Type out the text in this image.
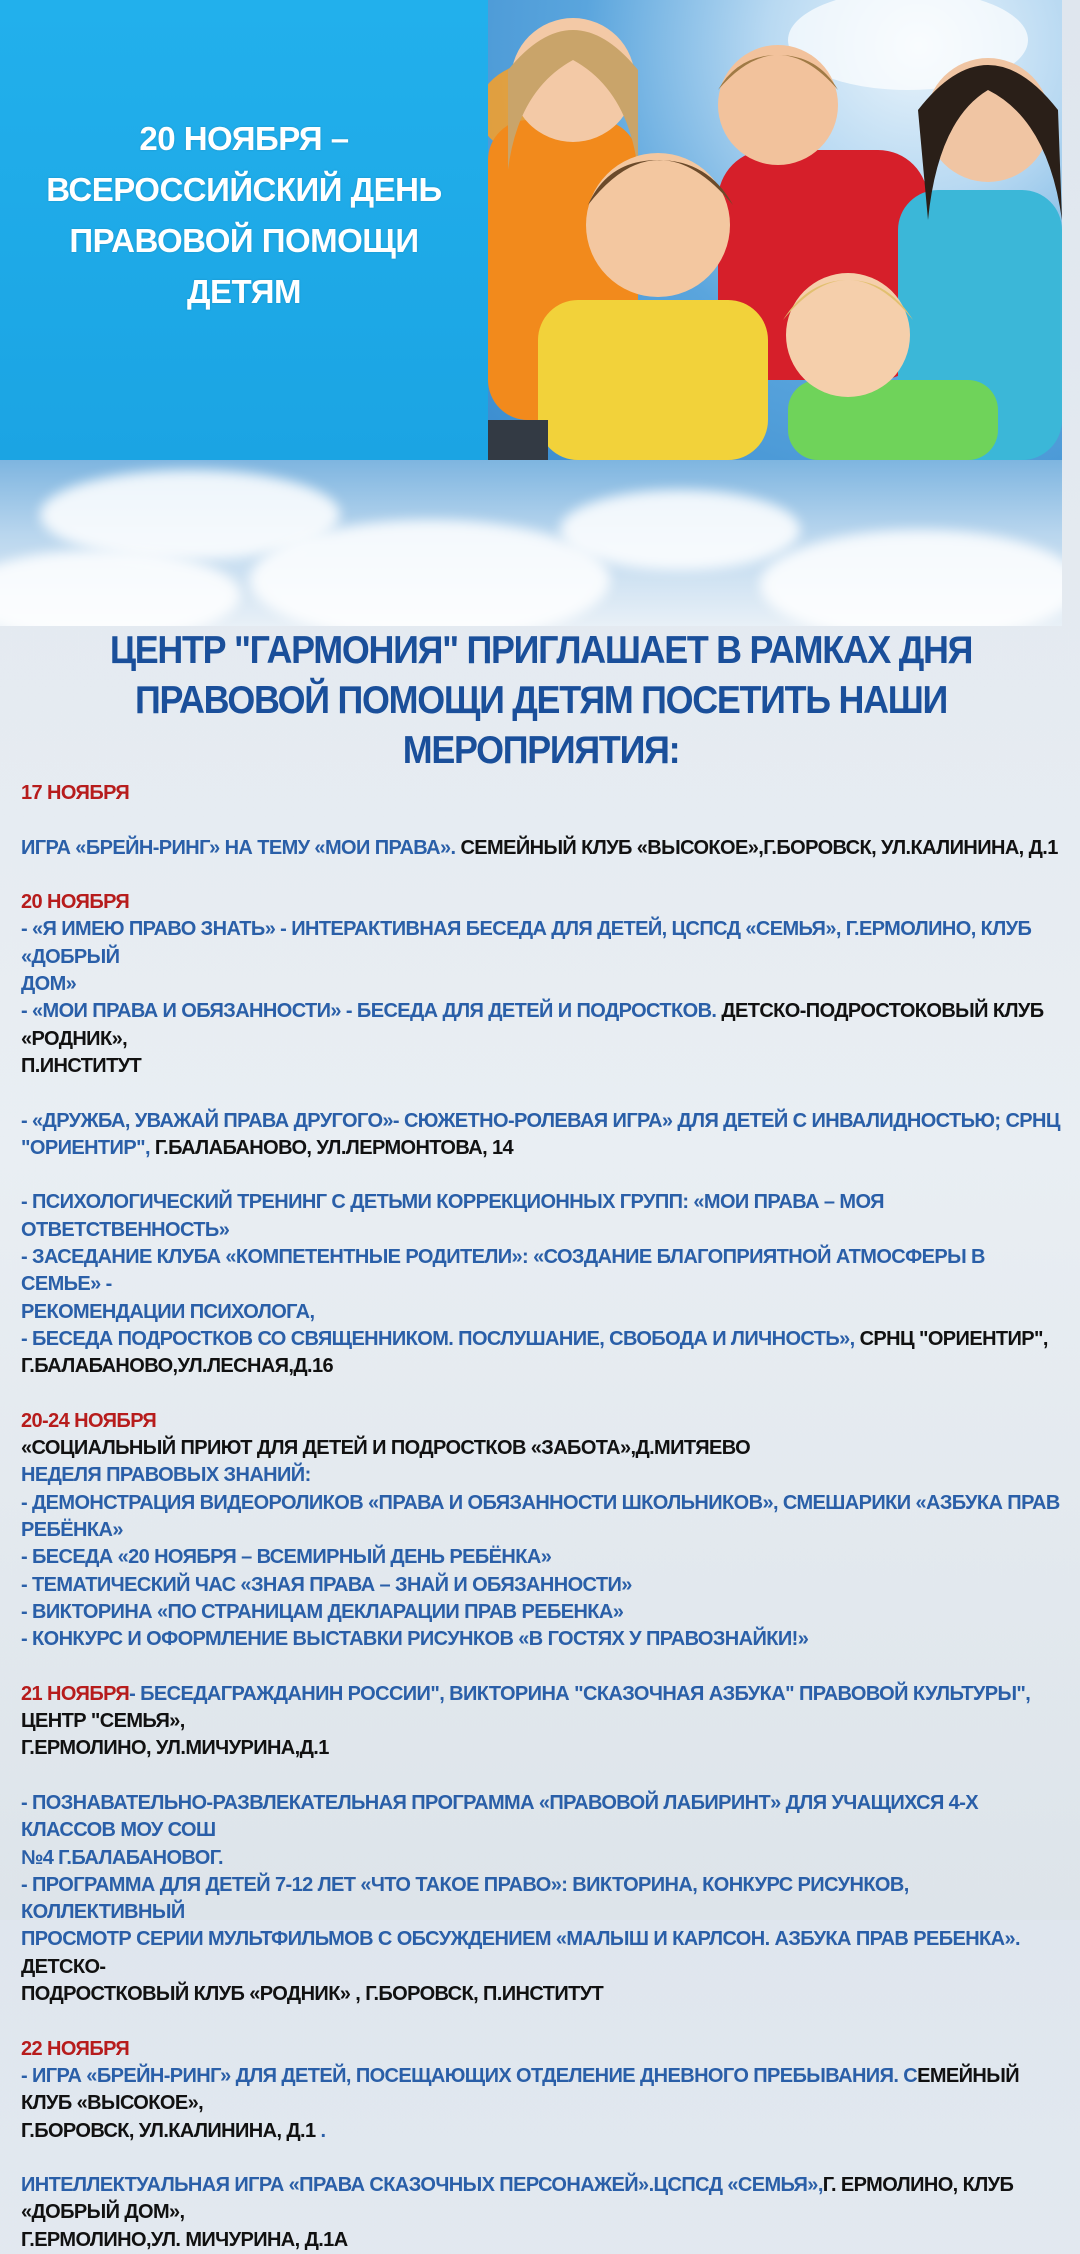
20 НОЯБРЯ –
ВСЕРОССИЙСКИЙ ДЕНЬ
ПРАВОВОЙ ПОМОЩИ
ДЕТЯМ
ЦЕНТР "ГАРМОНИЯ" ПРИГЛАШАЕТ В РАМКАХ ДНЯ ПРАВОВОЙ ПОМОЩИ ДЕТЯМ ПОСЕТИТЬ НАШИ МЕРОПРИЯТИЯ:
17 НОЯБРЯ
ИГРА «БРЕЙН-РИНГ» НА ТЕМУ «МОИ ПРАВА». СЕМЕЙНЫЙ КЛУБ «ВЫСОКОЕ»,Г.БОРОВСК, УЛ.КАЛИНИНА, Д.1
20 НОЯБРЯ
- «Я ИМЕЮ ПРАВО ЗНАТЬ» - ИНТЕРАКТИВНАЯ БЕСЕДА ДЛЯ ДЕТЕЙ, ЦСПСД «СЕМЬЯ», Г.ЕРМОЛИНО, КЛУБ «ДОБРЫЙ
ДОМ»
- «МОИ ПРАВА И ОБЯЗАННОСТИ» - БЕСЕДА ДЛЯ ДЕТЕЙ И ПОДРОСТКОВ. ДЕТСКО-ПОДРОСТОКОВЫЙ КЛУБ «РОДНИК»,
П.ИНСТИТУТ
- «ДРУЖБА, УВАЖАЙ ПРАВА ДРУГОГО»- СЮЖЕТНО-РОЛЕВАЯ ИГРА» ДЛЯ ДЕТЕЙ С ИНВАЛИДНОСТЬЮ; СРНЦ
"ОРИЕНТИР", Г.БАЛАБАНОВО, УЛ.ЛЕРМОНТОВА, 14
- ПСИХОЛОГИЧЕСКИЙ ТРЕНИНГ С ДЕТЬМИ КОРРЕКЦИОННЫХ ГРУПП: «МОИ ПРАВА – МОЯ ОТВЕТСТВЕННОСТЬ»
- ЗАСЕДАНИЕ КЛУБА «КОМПЕТЕНТНЫЕ РОДИТЕЛИ»: «СОЗДАНИЕ БЛАГОПРИЯТНОЙ АТМОСФЕРЫ В СЕМЬЕ» -
РЕКОМЕНДАЦИИ ПСИХОЛОГА,
- БЕСЕДА ПОДРОСТКОВ СО СВЯЩЕННИКОМ. ПОСЛУШАНИЕ, СВОБОДА И ЛИЧНОСТЬ», СРНЦ "ОРИЕНТИР",
Г.БАЛАБАНОВО,УЛ.ЛЕСНАЯ,Д.16
20-24 НОЯБРЯ
«СОЦИАЛЬНЫЙ ПРИЮТ ДЛЯ ДЕТЕЙ И ПОДРОСТКОВ «ЗАБОТА»,Д.МИТЯЕВО
НЕДЕЛЯ ПРАВОВЫХ ЗНАНИЙ:
- ДЕМОНСТРАЦИЯ ВИДЕОРОЛИКОВ «ПРАВА И ОБЯЗАННОСТИ ШКОЛЬНИКОВ», СМЕШАРИКИ «АЗБУКА ПРАВ РЕБЁНКА»
- БЕСЕДА «20 НОЯБРЯ – ВСЕМИРНЫЙ ДЕНЬ РЕБЁНКА»
- ТЕМАТИЧЕСКИЙ ЧАС «ЗНАЯ ПРАВА – ЗНАЙ И ОБЯЗАННОСТИ»
- ВИКТОРИНА «ПО СТРАНИЦАМ ДЕКЛАРАЦИИ ПРАВ РЕБЕНКА»
- КОНКУРС И ОФОРМЛЕНИЕ ВЫСТАВКИ РИСУНКОВ «В ГОСТЯХ У ПРАВОЗНАЙКИ!»
21 НОЯБРЯ- БЕСЕДАГРАЖДАНИН РОССИИ", ВИКТОРИНА "СКАЗОЧНАЯ АЗБУКА" ПРАВОВОЙ КУЛЬТУРЫ", ЦЕНТР "СЕМЬЯ»,
Г.ЕРМОЛИНО, УЛ.МИЧУРИНА,Д.1
- ПОЗНАВАТЕЛЬНО-РАЗВЛЕКАТЕЛЬНАЯ ПРОГРАММА «ПРАВОВОЙ ЛАБИРИНТ» ДЛЯ УЧАЩИХСЯ 4-Х КЛАССОВ МОУ СОШ
№4 Г.БАЛАБАНОВОГ.
- ПРОГРАММА ДЛЯ ДЕТЕЙ 7-12 ЛЕТ «ЧТО ТАКОЕ ПРАВО»: ВИКТОРИНА, КОНКУРС РИСУНКОВ, КОЛЛЕКТИВНЫЙ
ПРОСМОТР СЕРИИ МУЛЬТФИЛЬМОВ С ОБСУЖДЕНИЕМ «МАЛЫШ И КАРЛСОН. АЗБУКА ПРАВ РЕБЕНКА». ДЕТСКО-
ПОДРОСТКОВЫЙ КЛУБ «РОДНИК» , Г.БОРОВСК, П.ИНСТИТУТ
22 НОЯБРЯ
- ИГРА «БРЕЙН-РИНГ» ДЛЯ ДЕТЕЙ, ПОСЕЩАЮЩИХ ОТДЕЛЕНИЕ ДНЕВНОГО ПРЕБЫВАНИЯ. СЕМЕЙНЫЙ КЛУБ «ВЫСОКОЕ»,
Г.БОРОВСК, УЛ.КАЛИНИНА, Д.1 .
ИНТЕЛЛЕКТУАЛЬНАЯ ИГРА «ПРАВА СКАЗОЧНЫХ ПЕРСОНАЖЕЙ».ЦСПСД «СЕМЬЯ»,Г. ЕРМОЛИНО, КЛУБ «ДОБРЫЙ ДОМ»,
Г.ЕРМОЛИНО,УЛ. МИЧУРИНА, Д.1А
